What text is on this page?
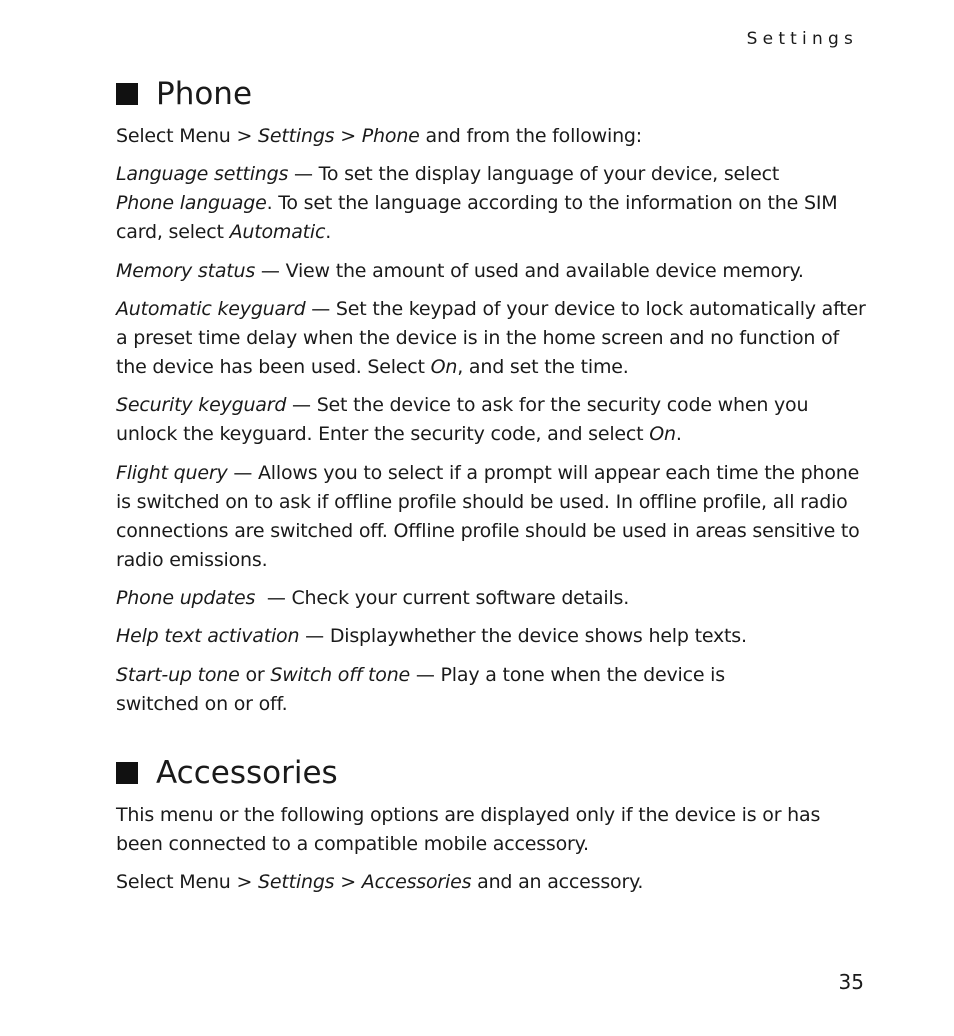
Settings
Phone

Select Menu > Settings > Phone and from the following:

Language settings — To set the display language of your device, select
Phone language. To set the language according to the information on the SIM card, select Automatic.

Memory status — View the amount of used and available device memory.

Automatic keyguard — Set the keypad of your device to lock automatically after a preset time delay when the device is in the home screen and no function of the device has been used. Select On, and set the time.

Security keyguard — Set the device to ask for the security code when you unlock the keyguard. Enter the security code, and select On.

Flight query — Allows you to select if a prompt will appear each time the phone is switched on to ask if offline profile should be used. In offline profile, all radio connections are switched off. Offline profile should be used in areas sensitive to radio emissions.

Phone updates  — Check your current software details.

Help text activation — Displaywhether the device shows help texts.

Start-up tone or Switch off tone — Play a tone when the device is switched on or off.

Accessories

This menu or the following options are displayed only if the device is or has been connected to a compatible mobile accessory.

Select Menu > Settings > Accessories and an accessory.

35
